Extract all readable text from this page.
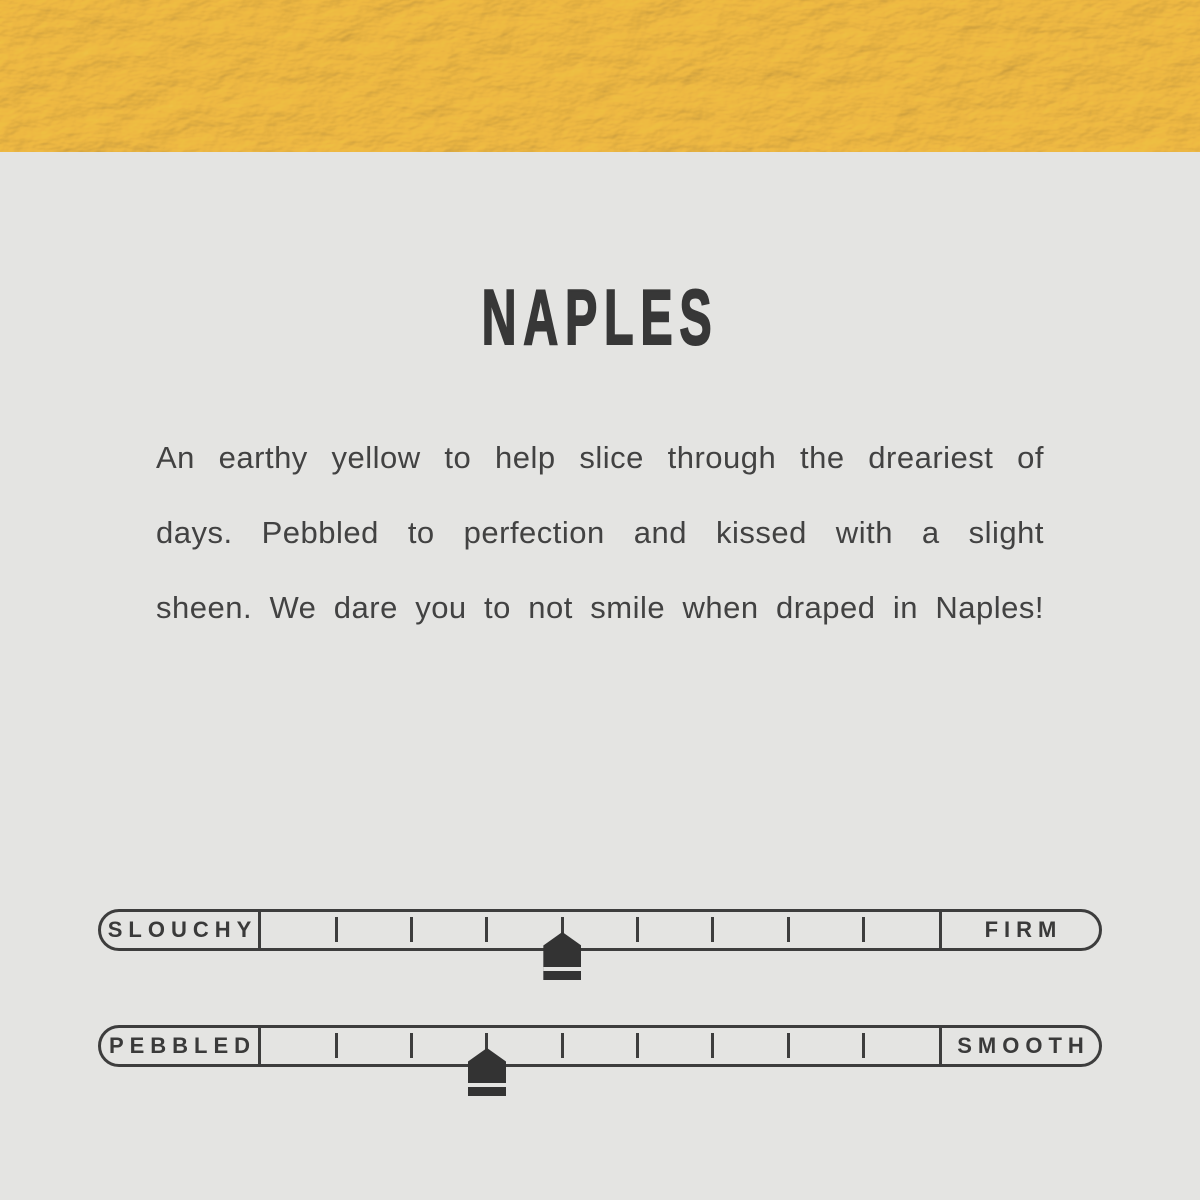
NAPLES
An earthy yellow to help slice through the dreariest of
days. Pebbled to perfection and kissed with a slight
sheen. We dare you to not smile when draped in Naples!
SLOUCHY	FIRM
PEBBLED	SMOOTH
